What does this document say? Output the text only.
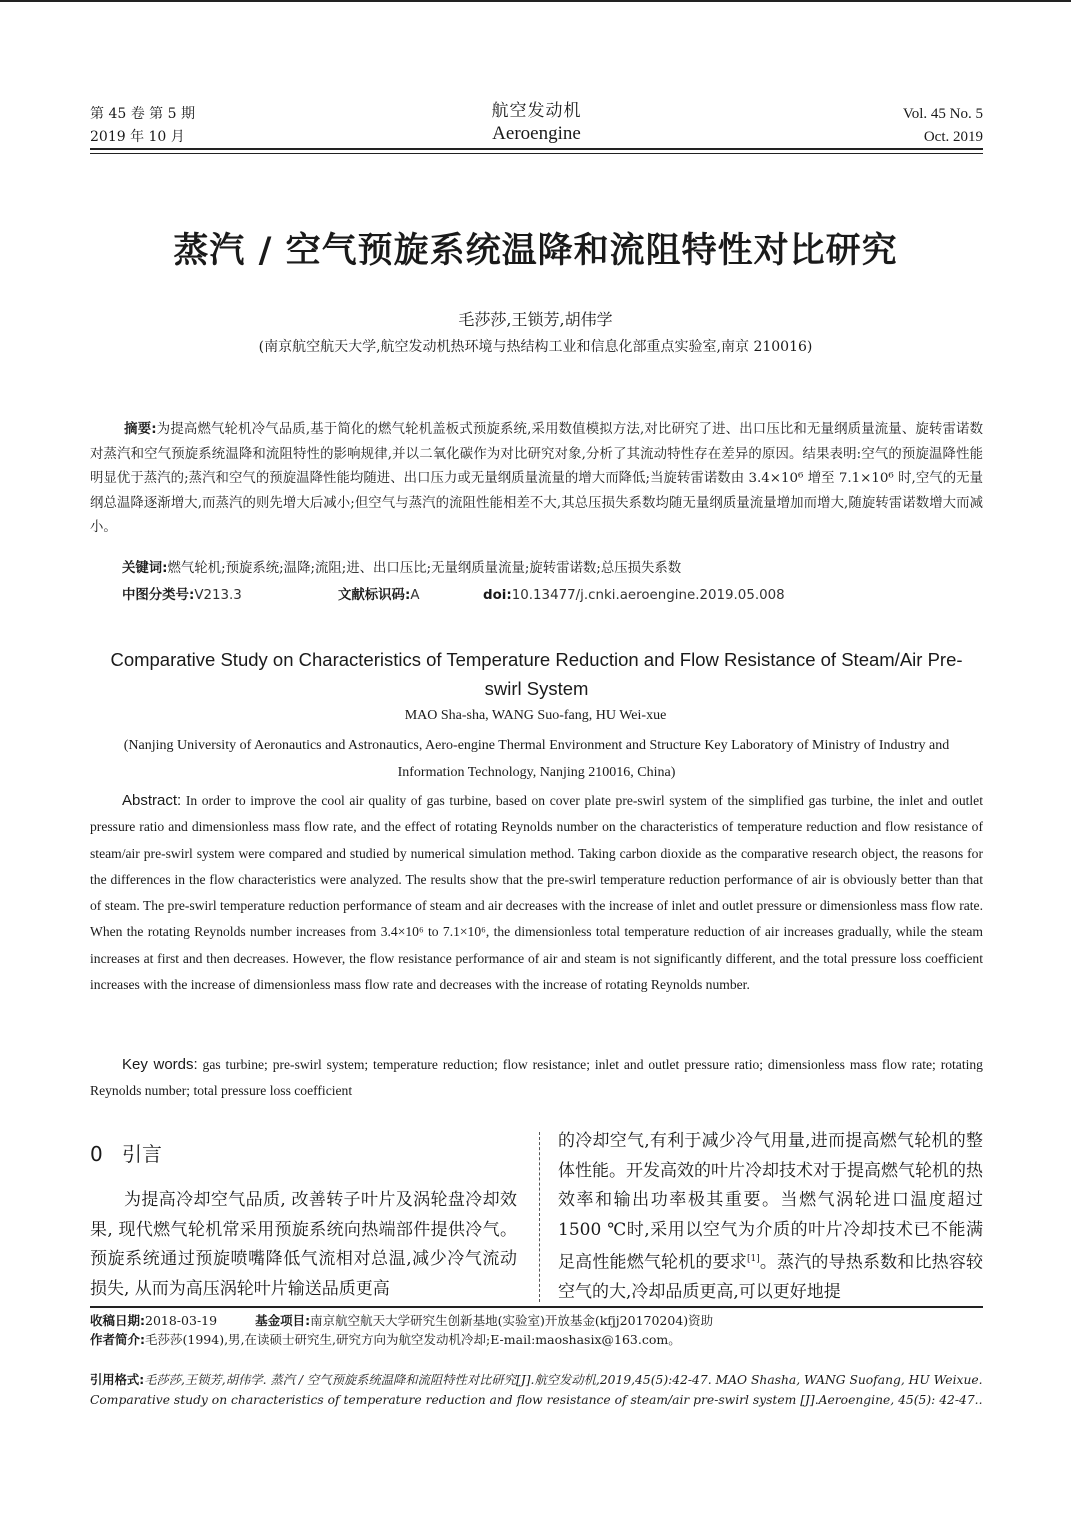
第 45 卷 第 5 期
2019 年 10 月
航空发动机
Aeroengine
Vol. 45 No. 5
Oct. 2019
蒸汽 / 空气预旋系统温降和流阻特性对比研究
毛莎莎,王锁芳,胡伟学
(南京航空航天大学,航空发动机热环境与热结构工业和信息化部重点实验室,南京 210016)
摘要:为提高燃气轮机冷气品质,基于简化的燃气轮机盖板式预旋系统,采用数值模拟方法,对比研究了进、出口压比和无量纲质量流量、旋转雷诺数对蒸汽和空气预旋系统温降和流阻特性的影响规律,并以二氧化碳作为对比研究对象,分析了其流动特性存在差异的原因。结果表明:空气的预旋温降性能明显优于蒸汽的;蒸汽和空气的预旋温降性能均随进、出口压力或无量纲质量流量的增大而降低;当旋转雷诺数由 3.4×10⁶ 增至 7.1×10⁶ 时,空气的无量纲总温降逐渐增大,而蒸汽的则先增大后减小;但空气与蒸汽的流阻性能相差不大,其总压损失系数均随无量纲质量流量增加而增大,随旋转雷诺数增大而减小。
关键词:燃气轮机;预旋系统;温降;流阻;进、出口压比;无量纲质量流量;旋转雷诺数;总压损失系数
中图分类号:V213.3	文献标识码:A	doi:10.13477/j.cnki.aeroengine.2019.05.008
Comparative Study on Characteristics of Temperature Reduction and Flow Resistance of Steam/Air Pre-swirl System
MAO Sha-sha, WANG Suo-fang, HU Wei-xue
(Nanjing University of Aeronautics and Astronautics, Aero-engine Thermal Environment and Structure Key Laboratory of Ministry of Industry and Information Technology, Nanjing 210016, China)
Abstract: In order to improve the cool air quality of gas turbine, based on cover plate pre-swirl system of the simplified gas turbine, the inlet and outlet pressure ratio and dimensionless mass flow rate, and the effect of rotating Reynolds number on the characteristics of temperature reduction and flow resistance of steam/air pre-swirl system were compared and studied by numerical simulation method. Taking carbon dioxide as the comparative research object, the reasons for the differences in the flow characteristics were analyzed. The results show that the pre-swirl temperature reduction performance of air is obviously better than that of steam. The pre-swirl temperature reduction performance of steam and air decreases with the increase of inlet and outlet pressure or dimensionless mass flow rate. When the rotating Reynolds number increases from 3.4×10⁶ to 7.1×10⁶, the dimensionless total temperature reduction of air increases gradually, while the steam increases at first and then decreases. However, the flow resistance performance of air and steam is not significantly different, and the total pressure loss coefficient increases with the increase of dimensionless mass flow rate and decreases with the increase of rotating Reynolds number.
Key words: gas turbine; pre-swirl system; temperature reduction; flow resistance; inlet and outlet pressure ratio; dimensionless mass flow rate; rotating Reynolds number; total pressure loss coefficient
0 引言
为提高冷却空气品质, 改善转子叶片及涡轮盘冷却效果, 现代燃气轮机常采用预旋系统向热端部件提供冷气。预旋系统通过预旋喷嘴降低气流相对总温,减少冷气流动损失, 从而为高压涡轮叶片输送品质更高
的冷却空气,有利于减少冷气用量,进而提高燃气轮机的整体性能。开发高效的叶片冷却技术对于提高燃气轮机的热效率和输出功率极其重要。当燃气涡轮进口温度超过 1500 ℃时,采用以空气为介质的叶片冷却技术已不能满足高性能燃气轮机的要求[1]。蒸汽的导热系数和比热容较空气的大,冷却品质更高,可以更好地提
收稿日期:2018-03-19	基金项目:南京航空航天大学研究生创新基地(实验室)开放基金(kfjj20170204)资助
作者简介:毛莎莎(1994),男,在读硕士研究生,研究方向为航空发动机冷却;E-mail:maoshasix@163.com。
引用格式:毛莎莎,王锁芳,胡伟学. 蒸汽 / 空气预旋系统温降和流阻特性对比研究[J].航空发动机,2019,45(5):42-47. MAO Shasha, WANG Suofang, HU Weixue. Comparative study on characteristics of temperature reduction and flow resistance of steam/air pre-swirl system [J].Aeroengine, 45(5): 42-47..
